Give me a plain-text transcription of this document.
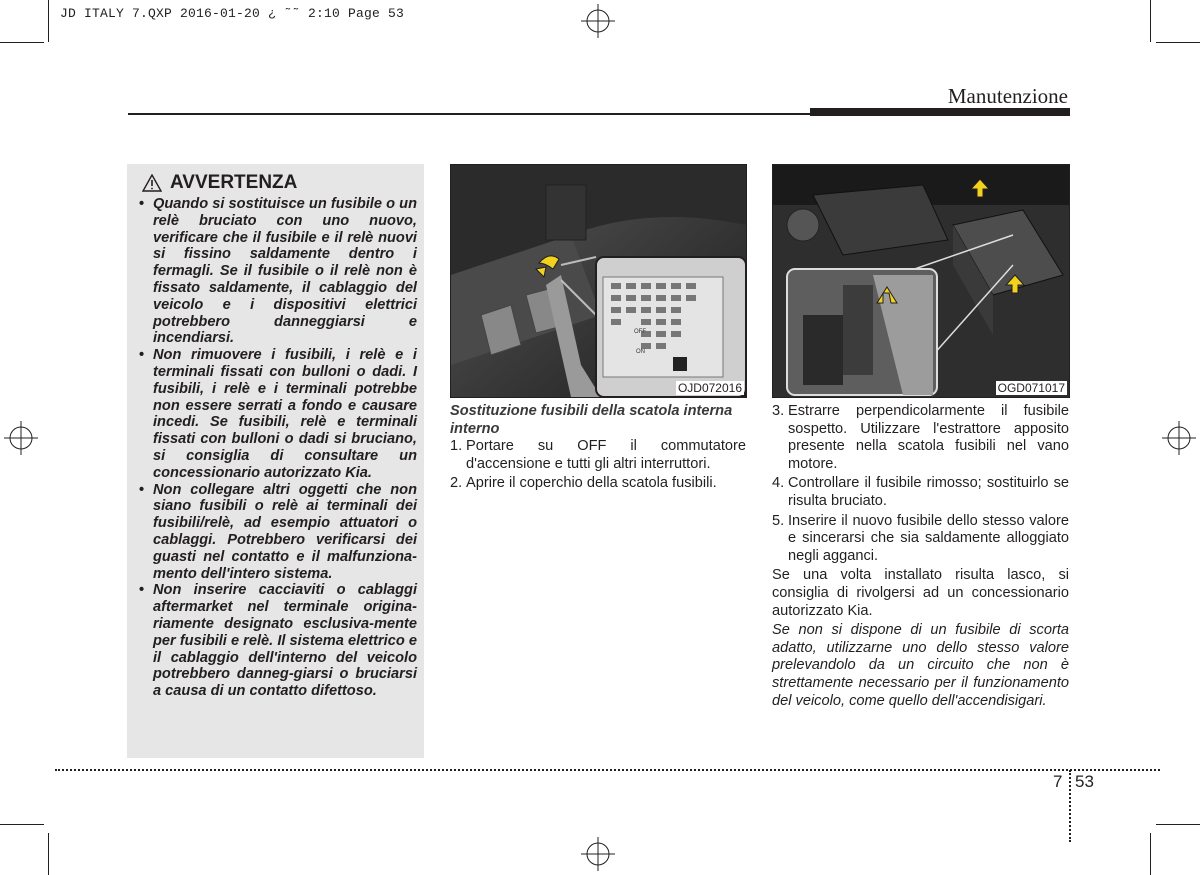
JD ITALY 7.QXP 2016-01-20 ¿ ˜˜ 2:10 Page 53
Manutenzione
AVVERTENZA
• Quando si sostituisce un fusibile o un relè bruciato con uno nuovo, verificare che il fusibile e il relè nuovi si fissino saldamente dentro i fermagli. Se il fusibile o il relè non è fissato saldamente, il cablaggio del veicolo e i dispositivi elettrici potrebbero danneggiarsi e incendiarsi.
• Non rimuovere i fusibili, i relè e i terminali fissati con bulloni o dadi. I fusibili, i relè e i terminali potrebbe non essere serrati a fondo e causare incedi. Se fusibili, relè e terminali fissati con bulloni o dadi si bruciano, si consiglia di consultare un concessionario autorizzato Kia.
• Non collegare altri oggetti che non siano fusibili o relè ai terminali dei fusibili/relè, ad esempio attuatori o cablaggi. Potrebbero verificarsi dei guasti nel contatto e il malfunziona-mento dell'intero sistema.
• Non inserire cacciaviti o cablaggi aftermarket nel terminale origina-riamente designato esclusiva-mente per fusibili e relè. Il sistema elettrico e il cablaggio dell'interno del veicolo potrebbero danneg-giarsi o bruciarsi a causa di un contatto difettoso.
OFF
ON
OJD072016	OGD071017
Sostituzione fusibili della scatola interna interno
1. Portare su OFF il commutatore d'accensione e tutti gli altri interruttori.
2. Aprire il coperchio della scatola fusibili.
3. Estrarre perpendicolarmente il fusibile sospetto. Utilizzare l'estrattore apposito presente nella scatola fusibili nel vano motore.
4. Controllare il fusibile rimosso; sostituirlo se risulta bruciato.
5. Inserire il nuovo fusibile dello stesso valore e sincerarsi che sia saldamente alloggiato negli agganci.

Se una volta installato risulta lasco, si consiglia di rivolgersi ad un concessionario autorizzato Kia.

Se non si dispone di un fusibile di scorta adatto, utilizzarne uno dello stesso valore prelevandolo da un circuito che non è strettamente necessario per il funzionamento del veicolo, come quello dell'accendisigari.

7 53
